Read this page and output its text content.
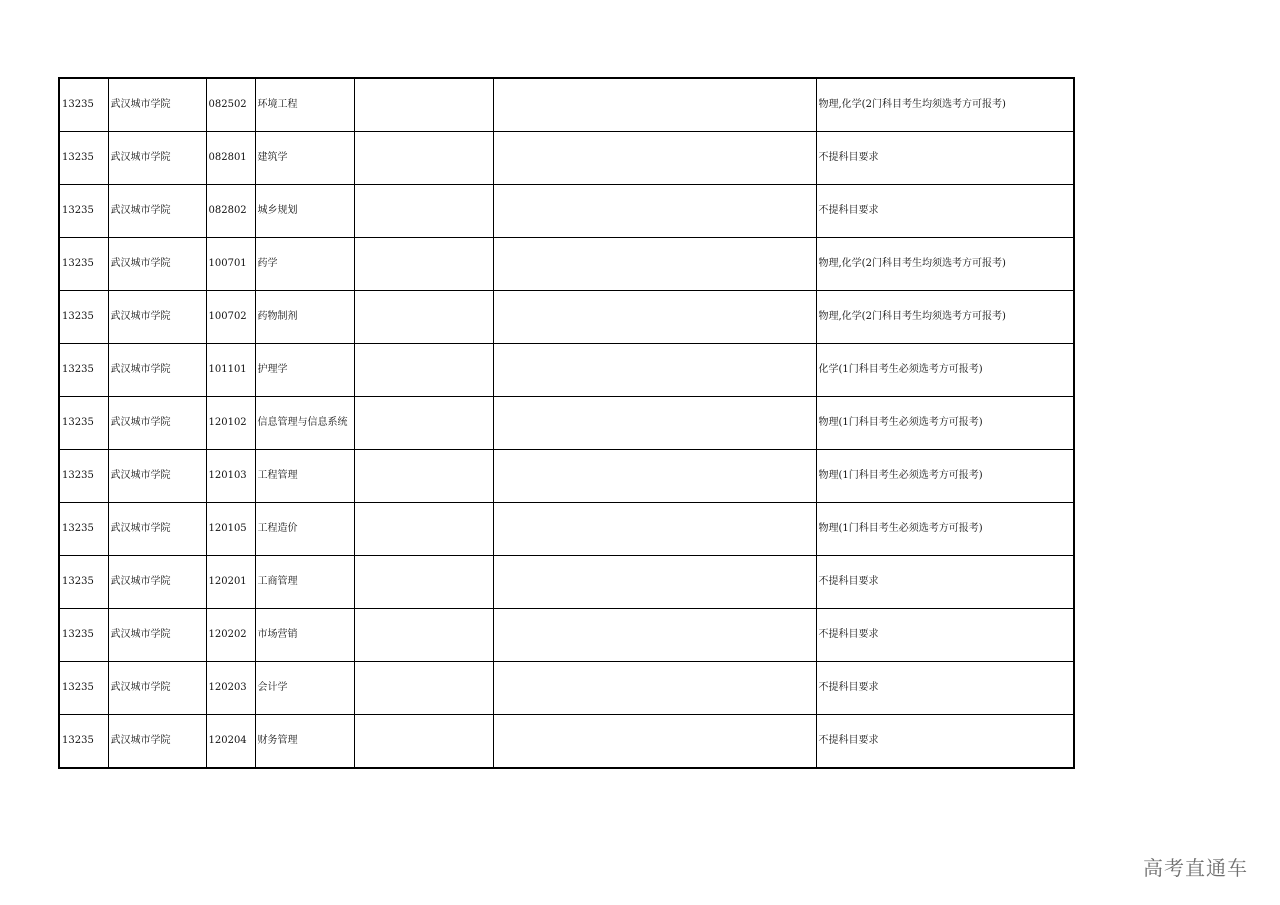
13235	武汉城市学院	082502	环境工程			物理,化学(2门科目考生均须选考方可报考)
13235	武汉城市学院	082801	建筑学			不提科目要求
13235	武汉城市学院	082802	城乡规划			不提科目要求
13235	武汉城市学院	100701	药学			物理,化学(2门科目考生均须选考方可报考)
13235	武汉城市学院	100702	药物制剂			物理,化学(2门科目考生均须选考方可报考)
13235	武汉城市学院	101101	护理学			化学(1门科目考生必须选考方可报考)
13235	武汉城市学院	120102	信息管理与信息系统			物理(1门科目考生必须选考方可报考)
13235	武汉城市学院	120103	工程管理			物理(1门科目考生必须选考方可报考)
13235	武汉城市学院	120105	工程造价			物理(1门科目考生必须选考方可报考)
13235	武汉城市学院	120201	工商管理			不提科目要求
13235	武汉城市学院	120202	市场营销			不提科目要求
13235	武汉城市学院	120203	会计学			不提科目要求
13235	武汉城市学院	120204	财务管理			不提科目要求
高考直通车
